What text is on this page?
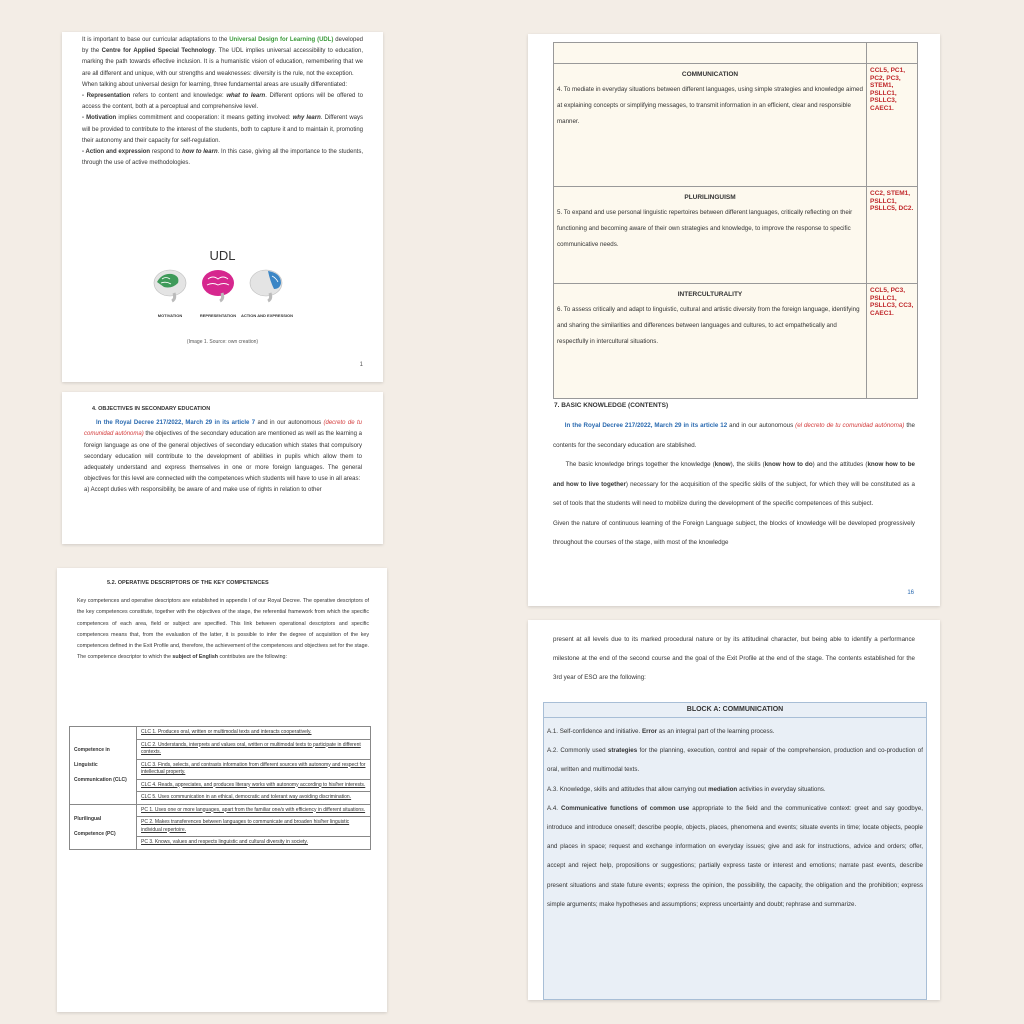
It is important to base our curricular adaptations to the Universal Design for Learning (UDL) developed by the Centre for Applied Special Technology. The UDL implies universal accessibility to education, marking the path towards effective inclusion. It is a humanistic vision of education, remembering that we are all different and unique, with our strengths and weaknesses: diversity is the rule, not the exception.
When talking about universal design for learning, three fundamental areas are usually differentiated:
- Representation refers to content and knowledge: what to learn. Different options will be offered to access the content, both at a perceptual and comprehensive level.
- Motivation implies commitment and cooperation: it means getting involved: why learn. Different ways will be provided to contribute to the interest of the students, both to capture it and to maintain it, promoting their autonomy and their capacity for self-regulation.
- Action and expression respond to how to learn. In this case, giving all the importance to the students, through the use of active methodologies.
UDL
MOTIVATION	REPRESENTATION	ACTION AND EXPRESSION
(Image 1. Source: own creation)
1
4. OBJECTIVES IN SECONDARY EDUCATION
In the Royal Decree 217/2022, March 29 in its article 7 and in our autonomous (decreto de tu comunidad autónoma) the objectives of the secondary education are mentioned as well as the learning a foreign language as one of the general objectives of secondary education which states that compulsory secondary education will contribute to the development of abilities in pupils which allow them to adequately understand and express themselves in one or more foreign languages. The general objectives for this level are connected with the competences which students will have to use in all areas:
a) Accept duties with responsibility, be aware of and make use of rights in relation to other
5.2. OPERATIVE DESCRIPTORS OF THE KEY COMPETENCES
Key competences and operative descriptors are established in appendix I of our Royal Decree. The operative descriptors of the key competences constitute, together with the objectives of the stage, the referential framework from which the specific competences of each area, field or subject are specified. This link between operational descriptors and specific competences means that, from the evaluation of the latter, it is possible to infer the degree of acquisition of the key competences defined in the Exit Profile and, therefore, the achievement of the competences and objectives set for the stage. The competence descriptor to which the subject of English contributes are the following:
Competence in Linguistic Communication (CLC)	CLC 1. Produces oral, written or multimodal texts and interacts cooperatively.
	CLC 2. Understands, interprets and values oral, written or multimodal texts to participate in different contexts.
	CLC 3. Finds, selects, and contrasts information from different sources with autonomy and respect for intellectual property.
	CLC 4. Reads, appreciates, and produces literary works with autonomy according to his/her interests.
	CLC 5. Uses communication in an ethical, democratic and tolerant way avoiding discrimination.
Plurilingual Competence (PC)	PC 1. Uses one or more languages, apart from the familiar one/s with efficiency in different situations.
	PC 2. Makes transferences between languages to communicate and broaden his/her linguistic individual repertoire.
	PC 3. Knows, values and respects linguistic and cultural diversity in society.

COMMUNICATION
4. To mediate in everyday situations between different languages, using simple strategies and knowledge aimed at explaining concepts or simplifying messages, to transmit information in an efficient, clear and responsible manner.	CCL5, PC1, PC2, PC3, STEM1, PSLLC1, PSLLC3, CAEC1.

PLURILINGUISM
5. To expand and use personal linguistic repertoires between different languages, critically reflecting on their functioning and becoming aware of their own strategies and knowledge, to improve the response to specific communicative needs.	CC2, STEM1, PSLLC1, PSLLC5, DC2.

INTERCULTURALITY
6. To assess critically and adapt to linguistic, cultural and artistic diversity from the foreign language, identifying and sharing the similarities and differences between languages and cultures, to act empathetically and respectfully in intercultural situations.	CCL5, PC3, PSLLC1, PSLLC3, CC3, CAEC1.
7. BASIC KNOWLEDGE (CONTENTS)
In the Royal Decree 217/2022, March 29 in its article 12 and in our autonomous (el decreto de tu comunidad autónoma) the contents for the secondary education are stablished.
The basic knowledge brings together the knowledge (know), the skills (know how to do) and the attitudes (know how to be and how to live together) necessary for the acquisition of the specific skills of the subject, for which they will be constituted as a set of tools that the students will need to mobilize during the development of the specific competences of this subject.
Given the nature of continuous learning of the Foreign Language subject, the blocks of knowledge will be developed progressively throughout the courses of the stage, with most of the knowledge
16
present at all levels due to its marked procedural nature or by its attitudinal character, but being able to identify a performance milestone at the end of the second course and the goal of the Exit Profile at the end of the stage. The contents established for the 3rd year of ESO are the following:
BLOCK A: COMMUNICATION
A.1. Self-confidence and initiative. Error as an integral part of the learning process.
A.2. Commonly used strategies for the planning, execution, control and repair of the comprehension, production and co-production of oral, written and multimodal texts.
A.3. Knowledge, skills and attitudes that allow carrying out mediation activities in everyday situations.
A.4. Communicative functions of common use appropriate to the field and the communicative context: greet and say goodbye, introduce and introduce oneself; describe people, objects, places, phenomena and events; situate events in time; locate objects, people and places in space; request and exchange information on everyday issues; give and ask for instructions, advice and orders; offer, accept and reject help, propositions or suggestions; partially express taste or interest and emotions; narrate past events, describe present situations and state future events; express the opinion, the possibility, the capacity, the obligation and the prohibition; express simple arguments; make hypotheses and assumptions; express uncertainty and doubt; rephrase and summarize.
